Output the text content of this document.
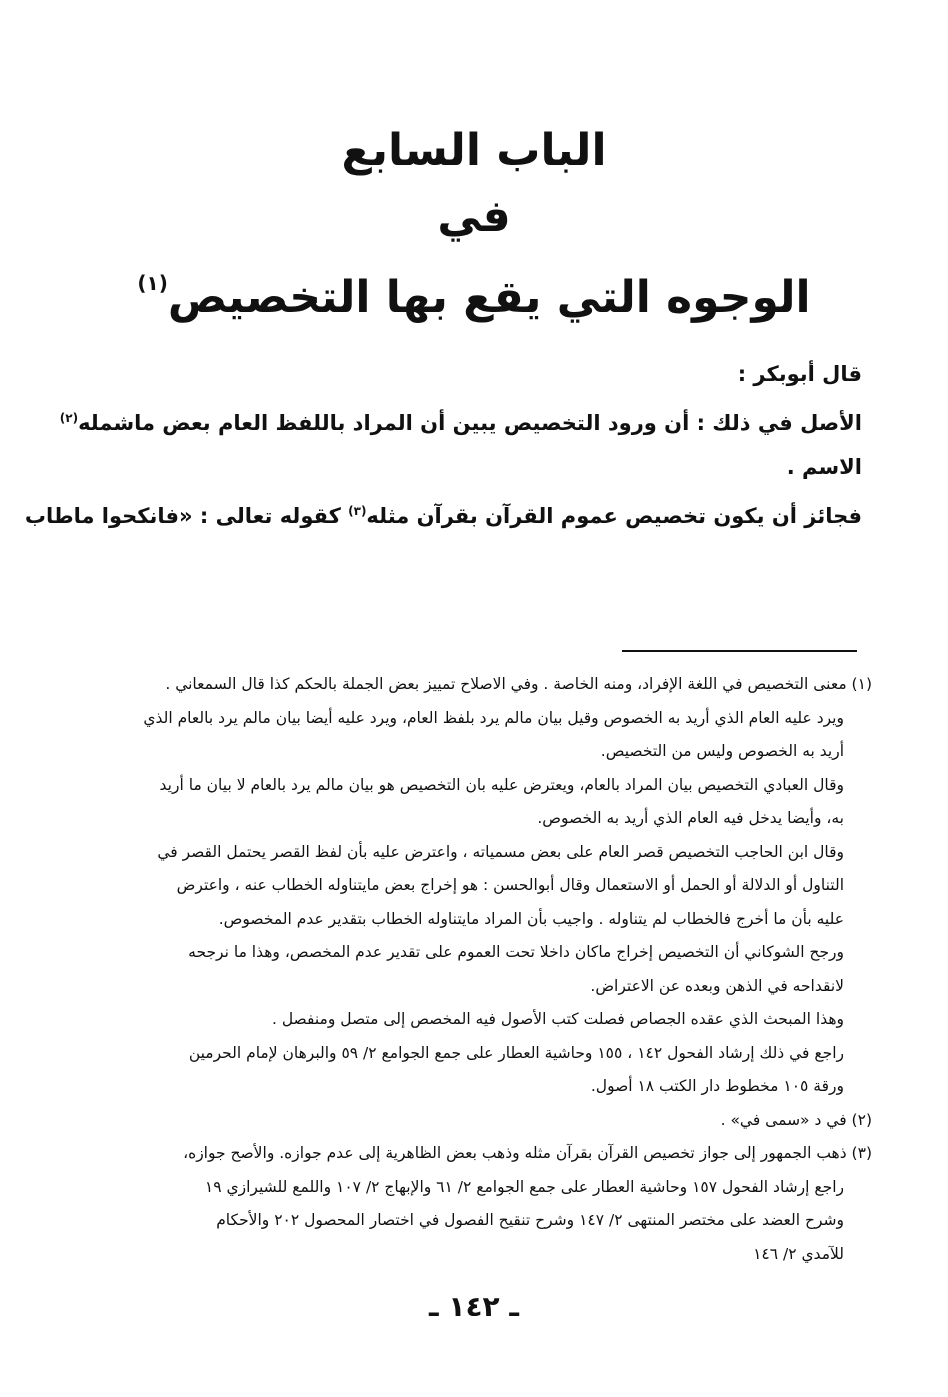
الباب السابع
في
الوجوه التي يقع بها التخصيص$^{(١)}$
قال أبوبكر :
الأصل في ذلك : أن ورود التخصيص يبين أن المراد باللفظ العام بعض ماشمله$^{(٢)}$
الاسم .
فجائز أن يكون تخصيص عموم القرآن بقرآن مثله$^{(٣)}$ كقوله تعالى : «فانكحوا ماطاب
(١) معنى التخصيص في اللغة الإفراد، ومنه الخاصة . وفي الاصلاح تمييز بعض الجملة بالحكم كذا قال السمعاني .
ويرد عليه العام الذي أريد به الخصوص وقيل بيان مالم يرد بلفظ العام، ويرد عليه أيضا بيان مالم يرد بالعام الذي
أريد به الخصوص وليس من التخصيص.
وقال العبادي التخصيص بيان المراد بالعام، ويعترض عليه بان التخصيص هو بيان مالم يرد بالعام لا بيان ما أريد
به، وأيضا يدخل فيه العام الذي أريد به الخصوص.
وقال ابن الحاجب التخصيص قصر العام على بعض مسمياته ، واعترض عليه بأن لفظ القصر يحتمل القصر في
التناول أو الدلالة أو الحمل أو الاستعمال وقال أبوالحسن : هو إخراج بعض مايتناوله الخطاب عنه ، واعترض
عليه بأن ما أخرج فالخطاب لم يتناوله . واجيب بأن المراد مايتناوله الخطاب بتقدير عدم المخصوص.
ورجح الشوكاني أن التخصيص إخراج ماكان داخلا تحت العموم على تقدير عدم المخصص، وهذا ما نرجحه
لانقداحه في الذهن وبعده عن الاعتراض.
وهذا المبحث الذي عقده الجصاص فصلت كتب الأصول فيه المخصص إلى متصل ومنفصل .
راجع في ذلك إرشاد الفحول ١٤٢ ، ١٥٥ وحاشية العطار على جمع الجوامع ٢/ ٥٩ والبرهان لإمام الحرمين
ورقة ١٠٥ مخطوط دار الكتب ١٨ أصول.
(٢) في د «سمى في» .
(٣) ذهب الجمهور إلى جواز تخصيص القرآن بقرآن مثله وذهب بعض الظاهرية إلى عدم جوازه. والأصح جوازه،
راجع إرشاد الفحول ١٥٧ وحاشية العطار على جمع الجوامع ٢/ ٦١ والإبهاج ٢/ ١٠٧ واللمع للشيرازي ١٩
وشرح العضد على مختصر المنتهى ٢/ ١٤٧ وشرح تنقيح الفصول في اختصار المحصول ٢٠٢ والأحكام
للآمدي ٢/ ١٤٦
ـ ١٤٢ ـ
